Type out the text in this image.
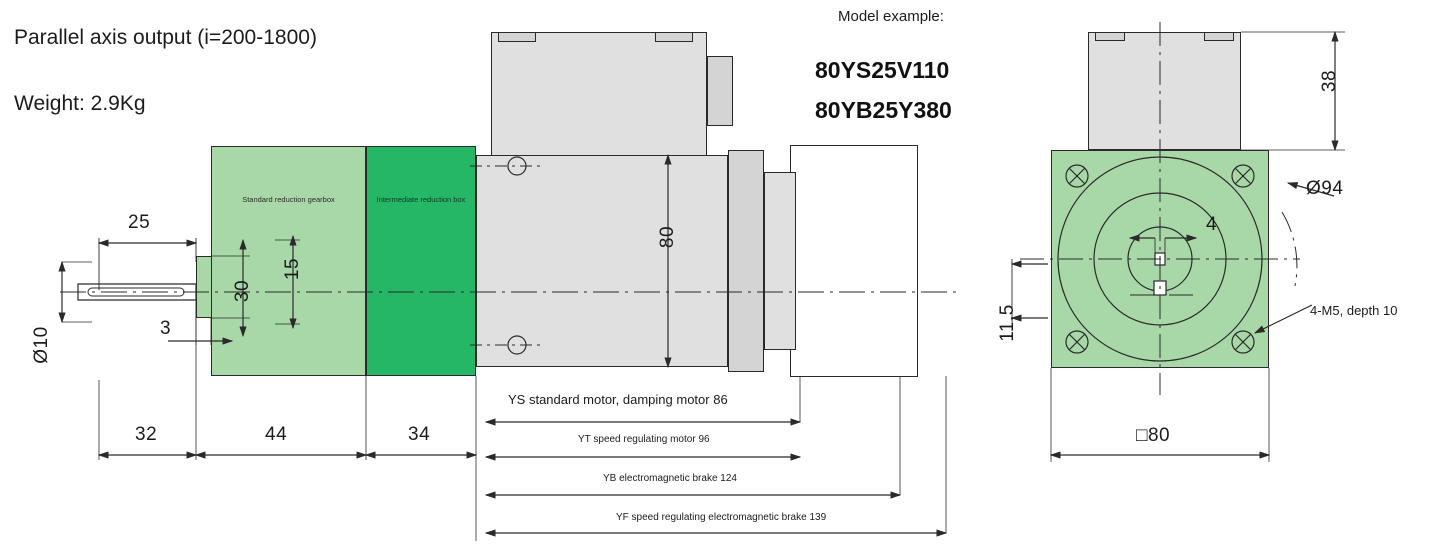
Parallel axis output (i=200-1800)
Weight: 2.9Kg
Model example:
80YS25V110
80YB25Y380
Standard reduction gearbox	Intermediate reduction box
25
Ø10
30
15
3
80
32	44	34
YS standard motor, damping motor 86
YT speed regulating motor 96
YB electromagnetic brake 124
YF speed regulating electromagnetic brake 139
38
Ø94
4
11.5
□80
4-M5, depth 10
